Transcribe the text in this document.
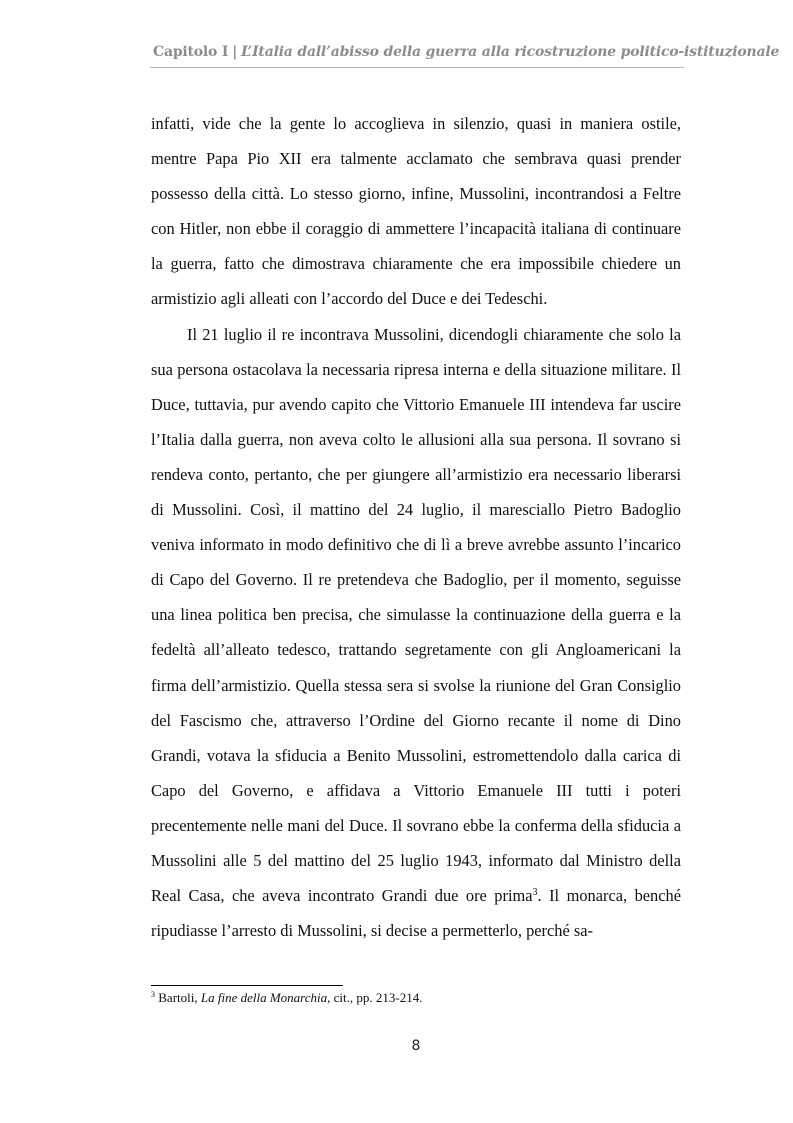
Capitolo I | L’Italia dall’abisso della guerra alla ricostruzione politico-istituzionale

infatti, vide che la gente lo accoglieva in silenzio, quasi in maniera ostile, mentre Papa Pio XII era talmente acclamato che sembrava quasi prender possesso della città. Lo stesso giorno, infine, Mussolini, incontrandosi a Feltre con Hitler, non ebbe il coraggio di ammettere l’incapacità italiana di continuare la guerra, fatto che dimostrava chiaramente che era impossibile chiedere un armistizio agli alleati con l’accordo del Duce e dei Tedeschi.

Il 21 luglio il re incontrava Mussolini, dicendogli chiaramente che solo la sua persona ostacolava la necessaria ripresa interna e della situazione militare. Il Duce, tuttavia, pur avendo capito che Vittorio Emanuele III intendeva far uscire l’Italia dalla guerra, non aveva colto le allusioni alla sua persona. Il sovrano si rendeva conto, pertanto, che per giungere all’armistizio era necessario liberarsi di Mussolini. Così, il mattino del 24 luglio, il maresciallo Pietro Badoglio veniva informato in modo definitivo che di lì a breve avrebbe assunto l’incarico di Capo del Governo. Il re pretendeva che Badoglio, per il momento, seguisse una linea politica ben precisa, che simulasse la continuazione della guerra e la fedeltà all’alleato tedesco, trattando segretamente con gli Angloamericani la firma dell’armistizio. Quella stessa sera si svolse la riunione del Gran Consiglio del Fascismo che, attraverso l’Ordine del Giorno recante il nome di Dino Grandi, votava la sfiducia a Benito Mussolini, estromettendolo dalla carica di Capo del Governo, e affidava a Vittorio Emanuele III tutti i poteri precentemente nelle mani del Duce. Il sovrano ebbe la conferma della sfiducia a Mussolini alle 5 del mattino del 25 luglio 1943, informato dal Ministro della Real Casa, che aveva incontrato Grandi due ore prima$^3$. Il monarca, benché ripudiasse l’arresto di Mussolini, si decise a permetterlo, perché sa-

$^3$ Bartoli, La fine della Monarchia, cit., pp. 213-214.
8
